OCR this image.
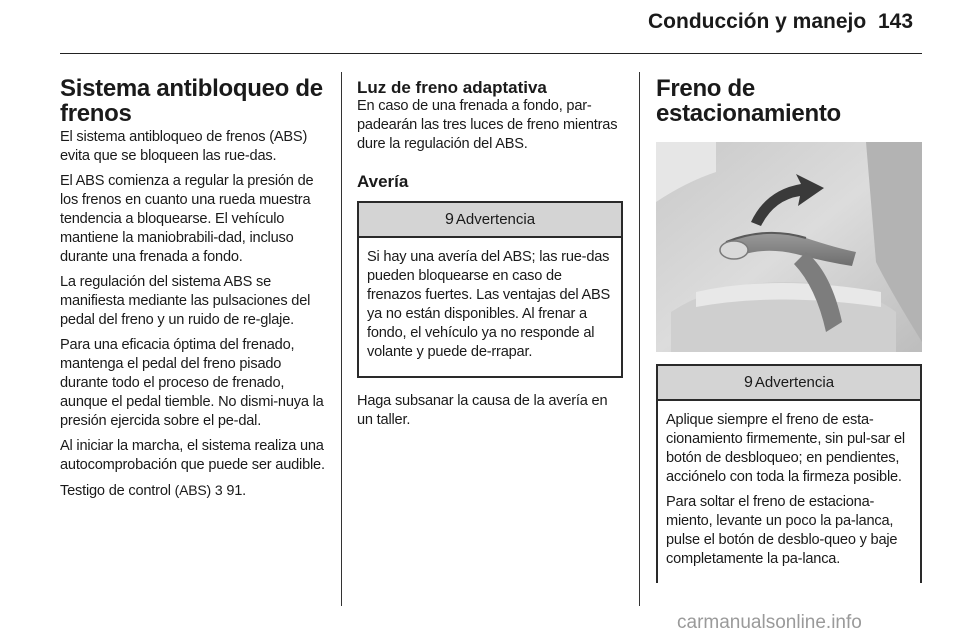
Conducción y manejo 143
Sistema antibloqueo de frenos

El sistema antibloqueo de frenos (ABS) evita que se bloqueen las rue-das.

El ABS comienza a regular la presión de los frenos en cuanto una rueda muestra tendencia a bloquearse. El vehículo mantiene la maniobrabili-dad, incluso durante una frenada a fondo.

La regulación del sistema ABS se manifiesta mediante las pulsaciones del pedal del freno y un ruido de re-glaje.

Para una eficacia óptima del frenado, mantenga el pedal del freno pisado durante todo el proceso de frenado, aunque el pedal tiemble. No dismi-nuya la presión ejercida sobre el pe-dal.

Al iniciar la marcha, el sistema realiza una autocomprobación que puede ser audible.

Testigo de control (ABS) 3 91.

Luz de freno adaptativa

En caso de una frenada a fondo, par-padearán las tres luces de freno mientras dure la regulación del ABS.

Avería
9 Advertencia

Si hay una avería del ABS; las rue-das pueden bloquearse en caso de frenazos fuertes. Las ventajas del ABS ya no están disponibles. Al frenar a fondo, el vehículo ya no responde al volante y puede de-rrapar.

Haga subsanar la causa de la avería en un taller.

Freno de estacionamiento
9 Advertencia

Aplique siempre el freno de esta-cionamiento firmemente, sin pul-sar el botón de desbloqueo; en pendientes, acciónelo con toda la firmeza posible.

Para soltar el freno de estaciona-miento, levante un poco la pa-lanca, pulse el botón de desblo-queo y baje completamente la pa-lanca.

carmanualsonline.info
